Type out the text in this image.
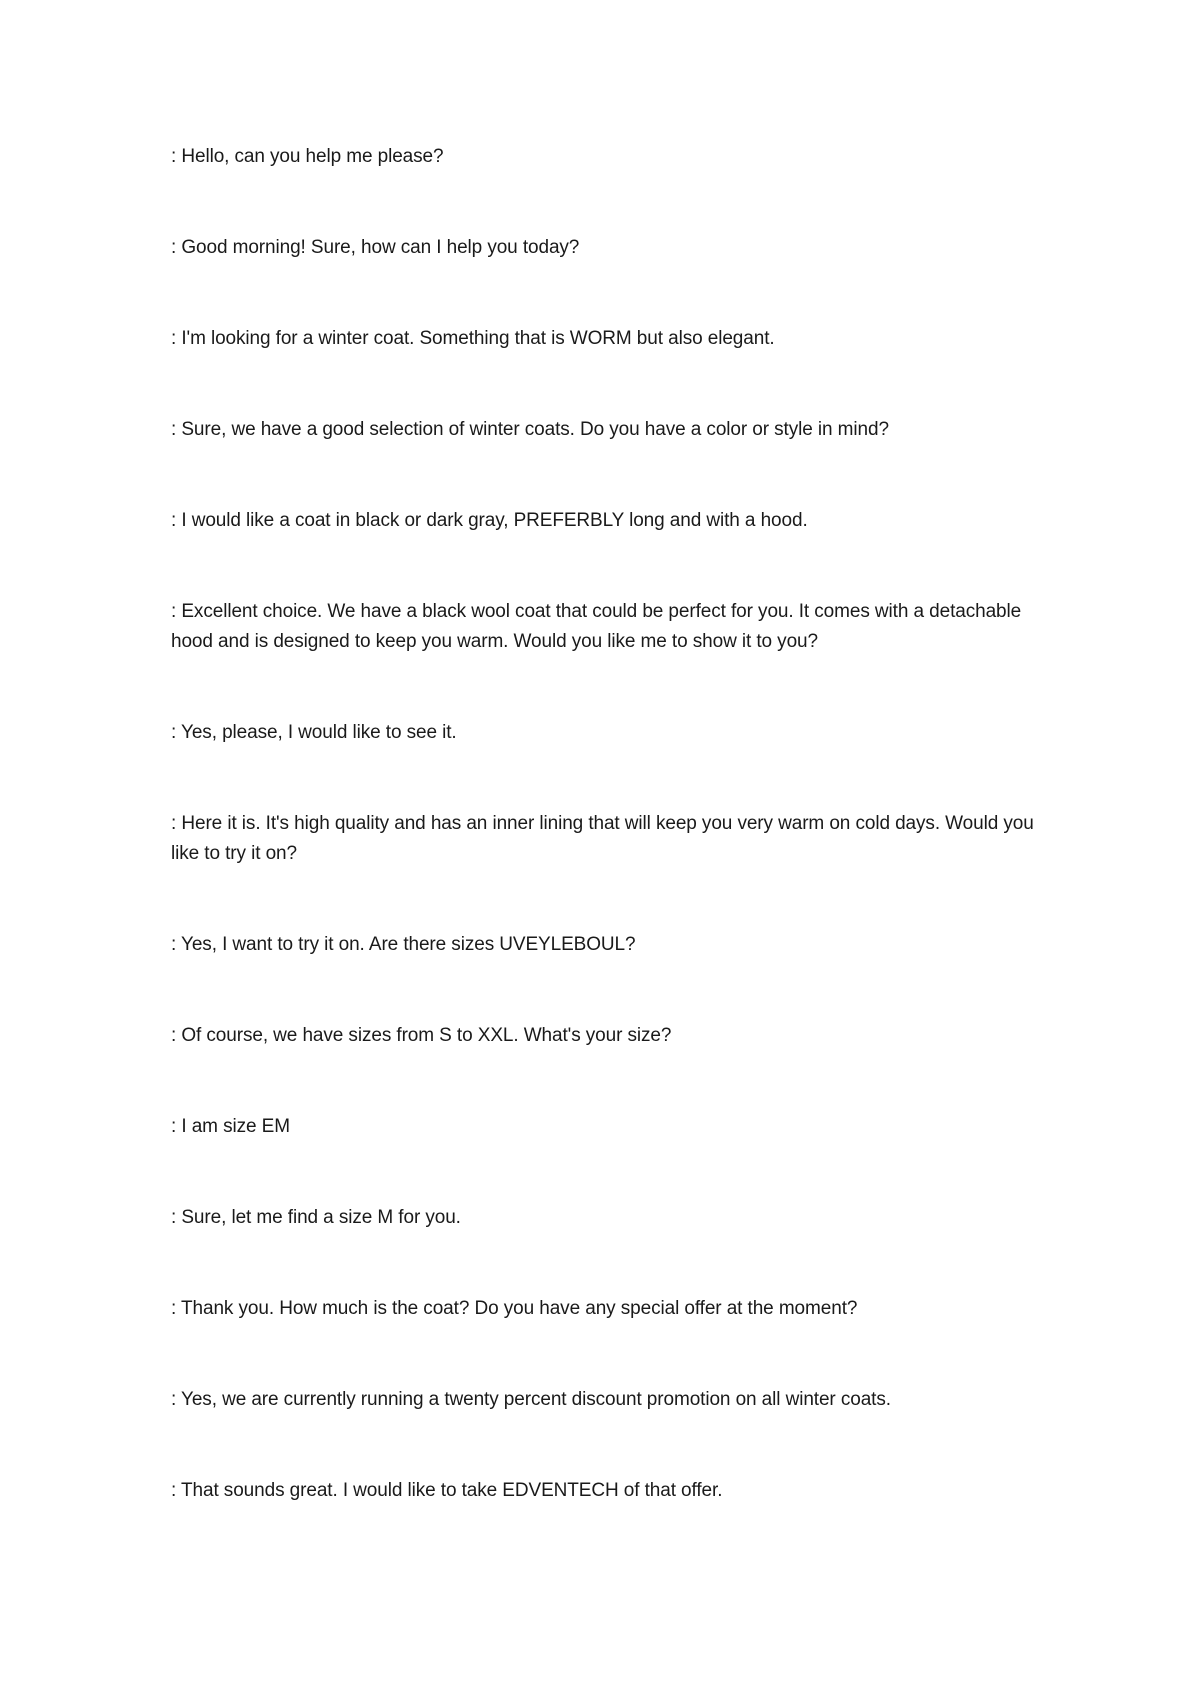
: Hello, can you help me please?

: Good morning! Sure, how can I help you today?

: I'm looking for a winter coat. Something that is WORM but also elegant.

: Sure, we have a good selection of winter coats. Do you have a color or style in mind?

: I would like a coat in black or dark gray, PREFERBLY long and with a hood.

: Excellent choice. We have a black wool coat that could be perfect for you. It comes with a detachable hood and is designed to keep you warm. Would you like me to show it to you?

: Yes, please, I would like to see it.

: Here it is. It's high quality and has an inner lining that will keep you very warm on cold days. Would you like to try it on?

: Yes, I want to try it on. Are there sizes UVEYLEBOUL?

: Of course, we have sizes from S to XXL. What's your size?

: I am size EM

: Sure, let me find a size M for you.

: Thank you. How much is the coat? Do you have any special offer at the moment?

: Yes, we are currently running a twenty percent discount promotion on all winter coats.

: That sounds great. I would like to take EDVENTECH of that offer.
